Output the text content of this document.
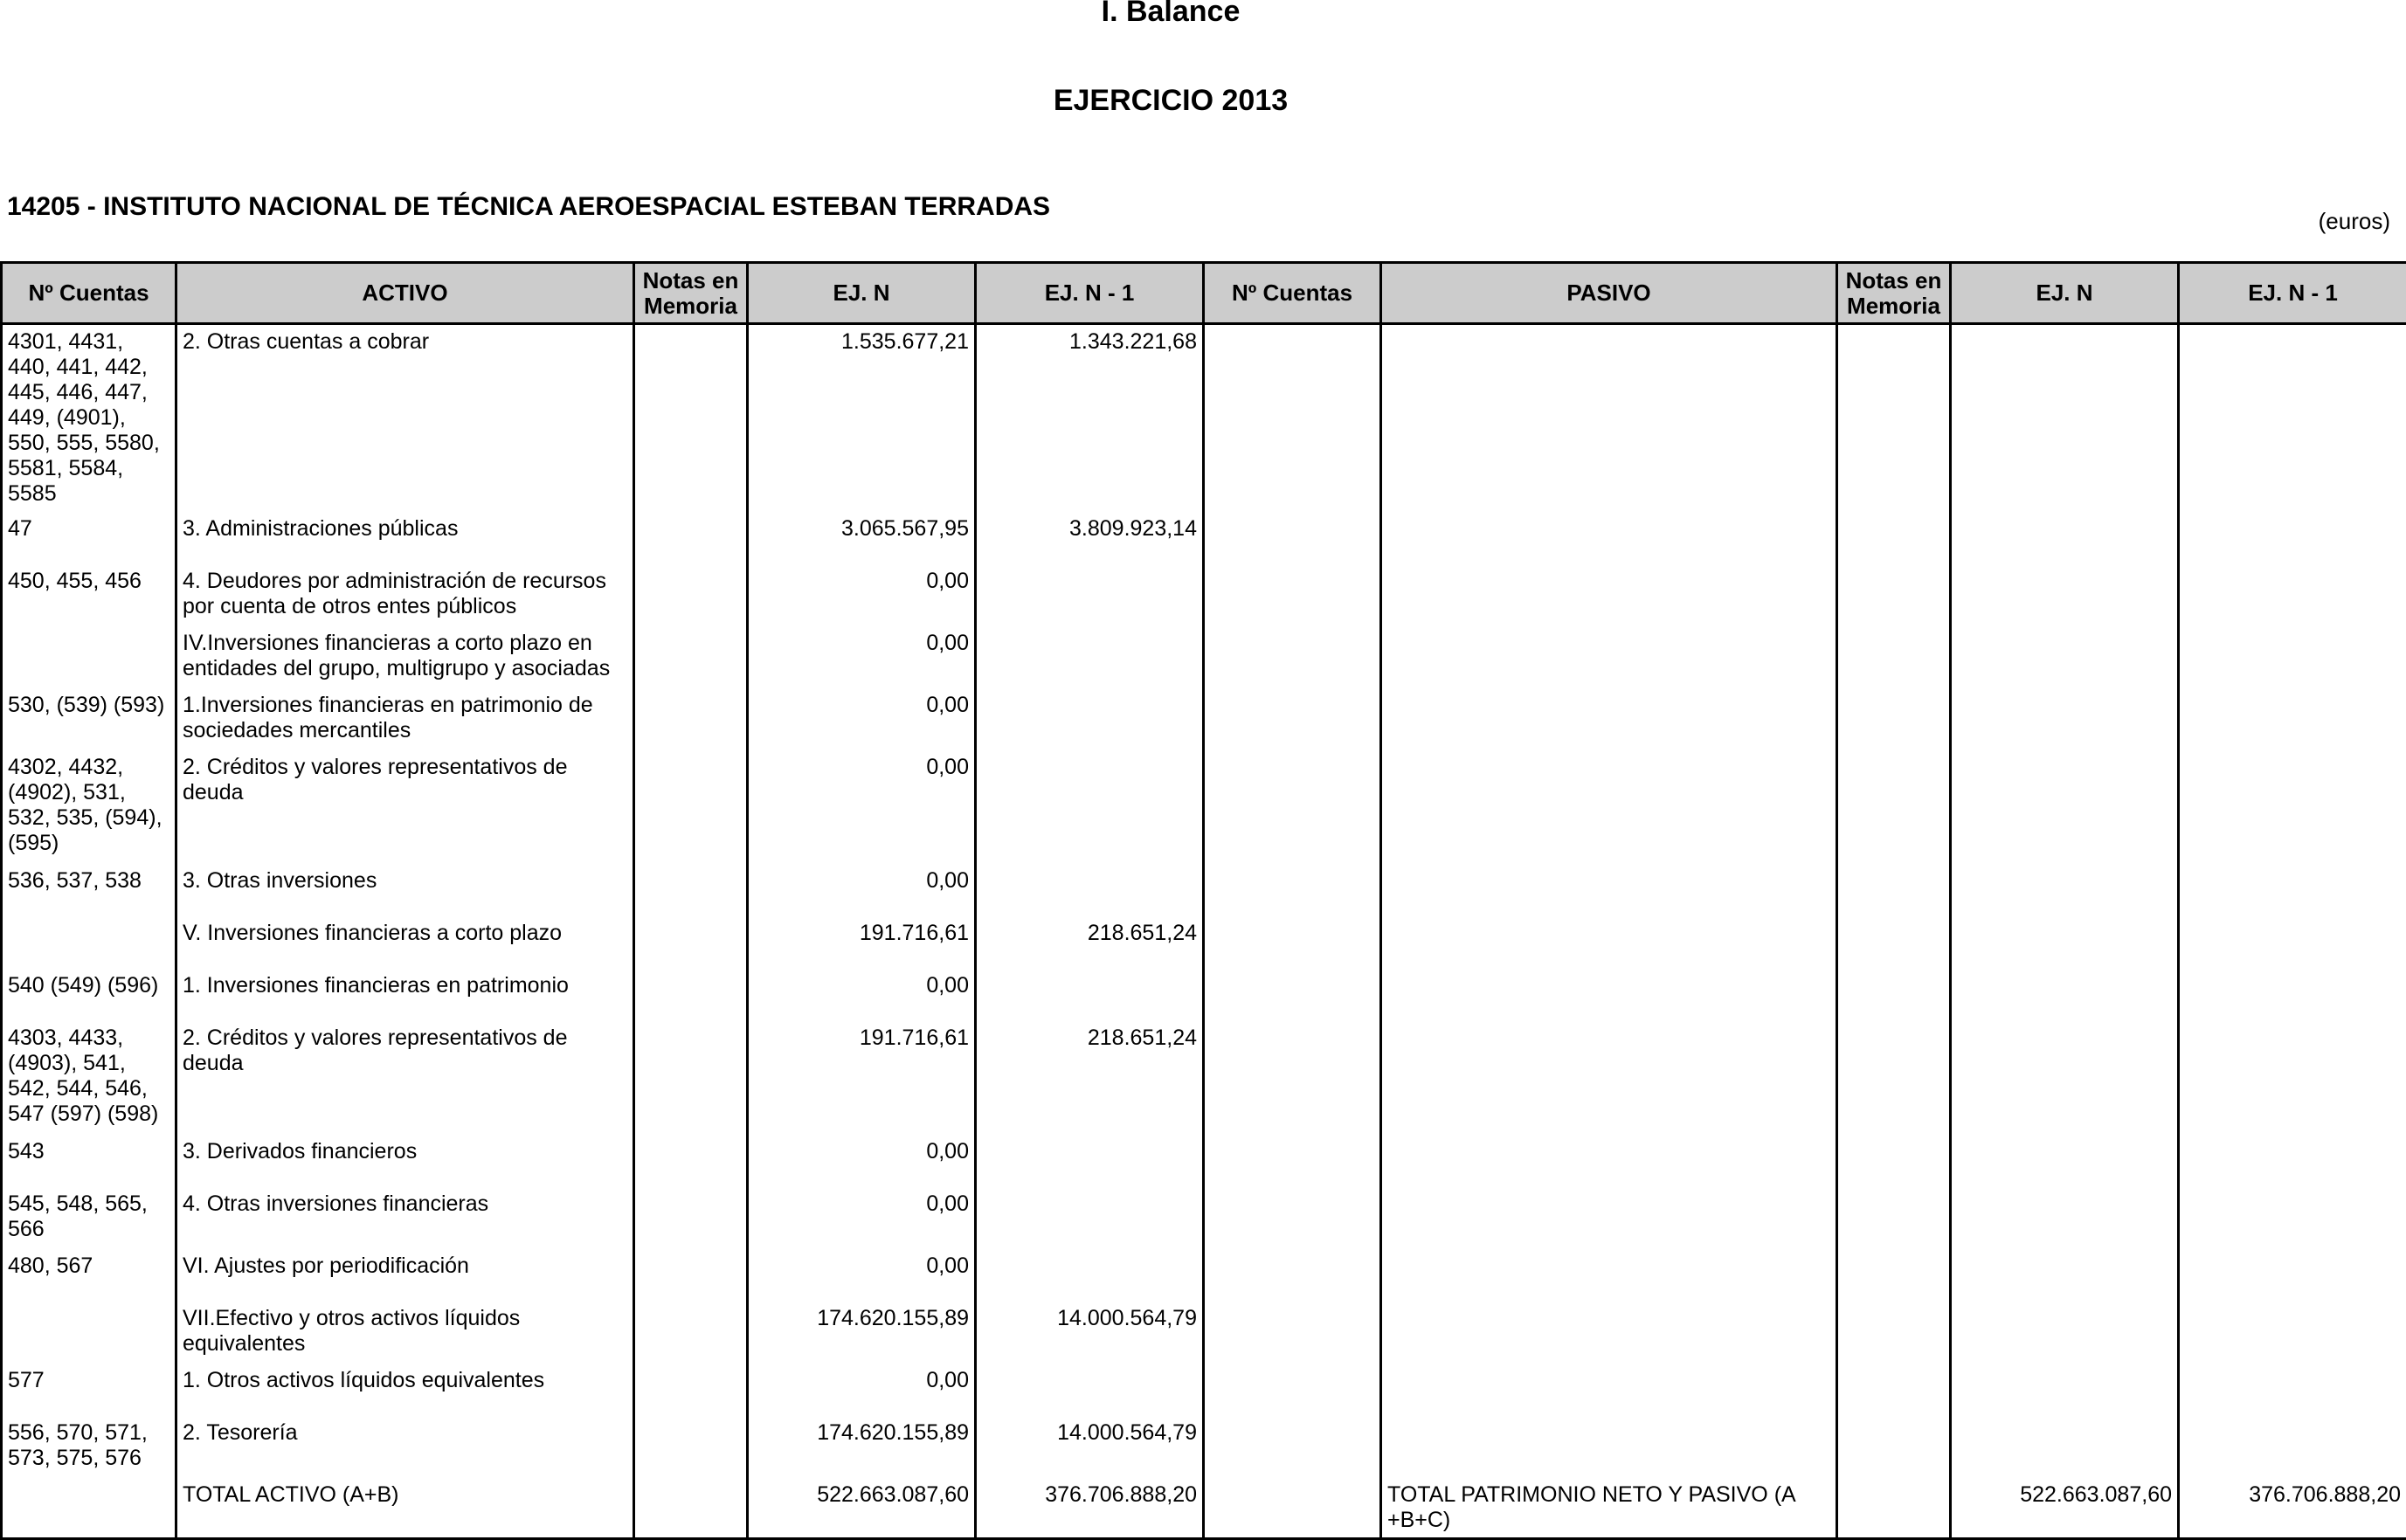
I. Balance
EJERCICIO 2013
14205 - INSTITUTO NACIONAL DE TÉCNICA AEROESPACIAL ESTEBAN TERRADAS	(euros)
Nº Cuentas	ACTIVO	Notas en Memoria	EJ. N	EJ. N - 1	Nº Cuentas	PASIVO	Notas en Memoria	EJ. N	EJ. N - 1
4301, 4431, 440, 441, 442, 445, 446, 447, 449, (4901), 550, 555, 5580, 5581, 5584, 5585	2. Otras cuentas a cobrar		1.535.677,21	1.343.221,68					
47	3. Administraciones públicas		3.065.567,95	3.809.923,14					
450, 455, 456	4. Deudores por administración de recursos por cuenta de otros entes públicos		0,00						
	IV.Inversiones financieras a corto plazo en entidades del grupo, multigrupo y asociadas		0,00						
530, (539) (593)	1.Inversiones financieras en patrimonio de sociedades mercantiles		0,00						
4302, 4432, (4902), 531, 532, 535, (594), (595)	2. Créditos y valores representativos de deuda		0,00						
536, 537, 538	3. Otras inversiones		0,00						
	V. Inversiones financieras a corto plazo		191.716,61	218.651,24					
540 (549) (596)	1. Inversiones financieras en patrimonio		0,00						
4303, 4433, (4903), 541, 542, 544, 546, 547 (597) (598)	2. Créditos y valores representativos de deuda		191.716,61	218.651,24					
543	3. Derivados financieros		0,00						
545, 548, 565, 566	4. Otras inversiones financieras		0,00						
480, 567	VI. Ajustes por periodificación		0,00						
	VII.Efectivo y otros activos líquidos equivalentes		174.620.155,89	14.000.564,79					
577	1. Otros activos líquidos equivalentes		0,00						
556, 570, 571, 573, 575, 576	2. Tesorería		174.620.155,89	14.000.564,79					
	TOTAL ACTIVO (A+B)		522.663.087,60	376.706.888,20		TOTAL PATRIMONIO NETO Y PASIVO (A +B+C)		522.663.087,60	376.706.888,20
